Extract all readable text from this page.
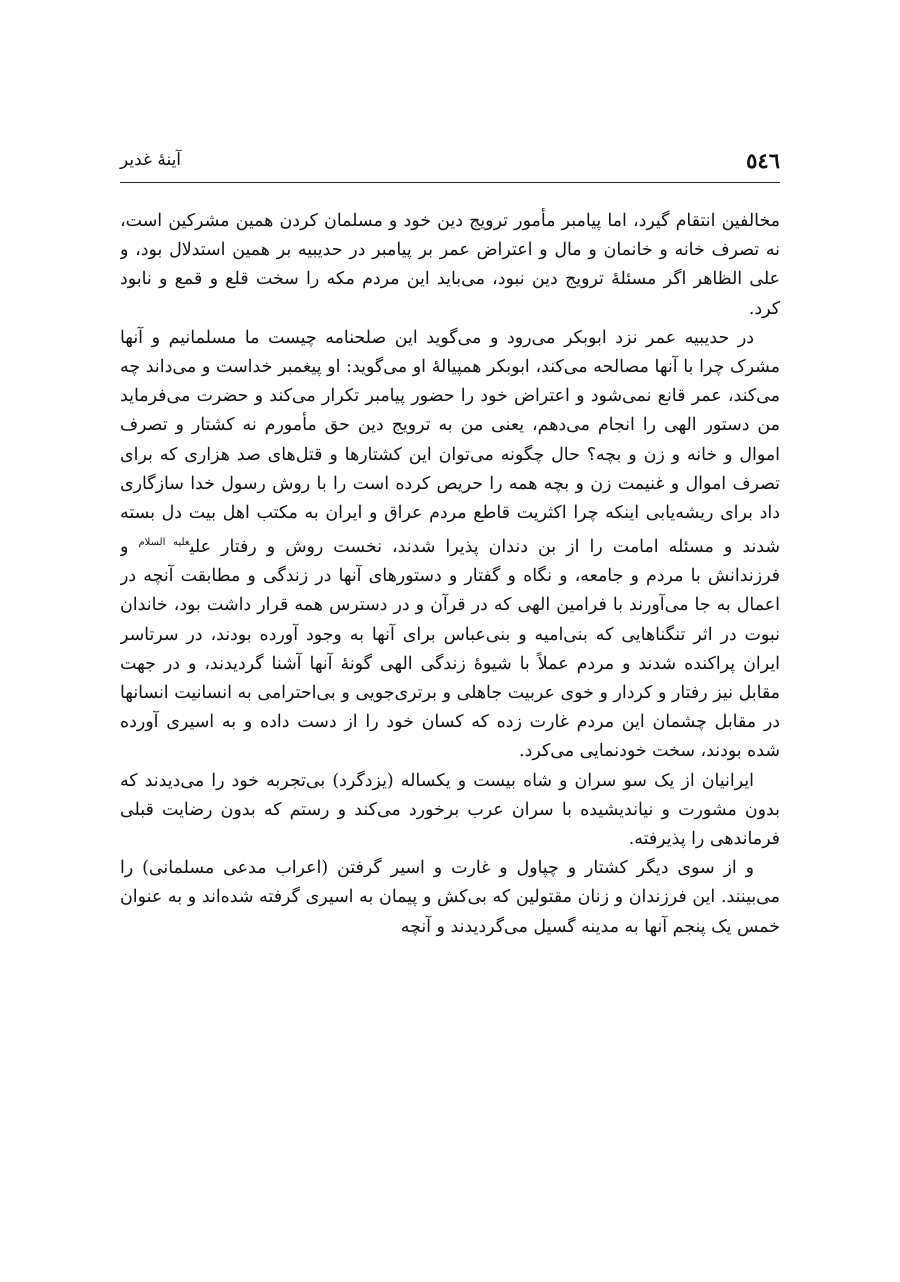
٥٤٦
آینهٔ غدیر

مخالفین انتقام گیرد، اما پیامبر مأمور ترویج دین خود و مسلمان کردن همین مشرکین است، نه تصرف خانه و خانمان و مال و اعتراض عمر بر پیامبر در حدیبیه بر همین استدلال بود، و علی الظاهر اگر مسئلهٔ ترویج دین نبود، می‌باید این مردم مکه را سخت قلع و قمع و نابود کرد.

در حدیبیه عمر نزد ابوبکر می‌رود و می‌گوید این صلحنامه چیست ما مسلمانیم و آنها مشرک چرا با آنها مصالحه می‌کند، ابوبکر همپیالهٔ او می‌گوید: او پیغمبر خداست و می‌داند چه می‌کند، عمر قانع نمی‌شود و اعتراض خود را حضور پیامبر تکرار می‌کند و حضرت می‌فرماید من دستور الهی را انجام می‌دهم، یعنی من به ترویج دین حق مأمورم نه کشتار و تصرف اموال و خانه و زن و بچه؟ حال چگونه می‌توان این کشتارها و قتل‌های صد هزاری که برای تصرف اموال و غنیمت زن و بچه همه را حریص کرده است را با روش رسول خدا سازگاری داد برای ریشه‌یابی اینکه چرا اکثریت قاطع مردم عراق و ایران به مکتب اهل بیت دل بسته شدند و مسئله امامت را از بن دندان پذیرا شدند، نخست روش و رفتار علی$^{عليه السلام}$ و فرزندانش با مردم و جامعه، و نگاه و گفتار و دستورهای آنها در زندگی و مطابقت آنچه در اعمال به جا می‌آورند با فرامین الهی که در قرآن و در دسترس همه قرار داشت بود، خاندان نبوت در اثر تنگناهایی که بنی‌امیه و بنی‌عباس برای آنها به وجود آورده بودند، در سرتاسر ایران پراکنده شدند و مردم عملاً با شیوهٔ زندگی الهی گونهٔ آنها آشنا گردیدند، و در جهت مقابل نیز رفتار و کردار و خوی عربیت جاهلی و برتری‌جویی و بی‌احترامی به انسانیت انسانها در مقابل چشمان این مردم غارت زده که کسان خود را از دست داده و به اسیری آورده شده بودند، سخت خودنمایی می‌کرد.

ایرانیان از یک سو سران و شاه بیست و یکساله (یزدگرد) بی‌تجربه خود را می‌دیدند که بدون مشورت و نیاندیشیده با سران عرب برخورد می‌کند و رستم که بدون رضایت قبلی فرماندهی را پذیرفته.

و از سوی دیگر کشتار و چپاول و غارت و اسیر گرفتن (اعراب مدعی مسلمانی) را می‌بینند. این فرزندان و زنان مقتولین که بی‌کش و پیمان به اسیری گرفته شده‌اند و به عنوان خمس یک پنجم آنها به مدینه گسیل می‌گردیدند و آنچه
